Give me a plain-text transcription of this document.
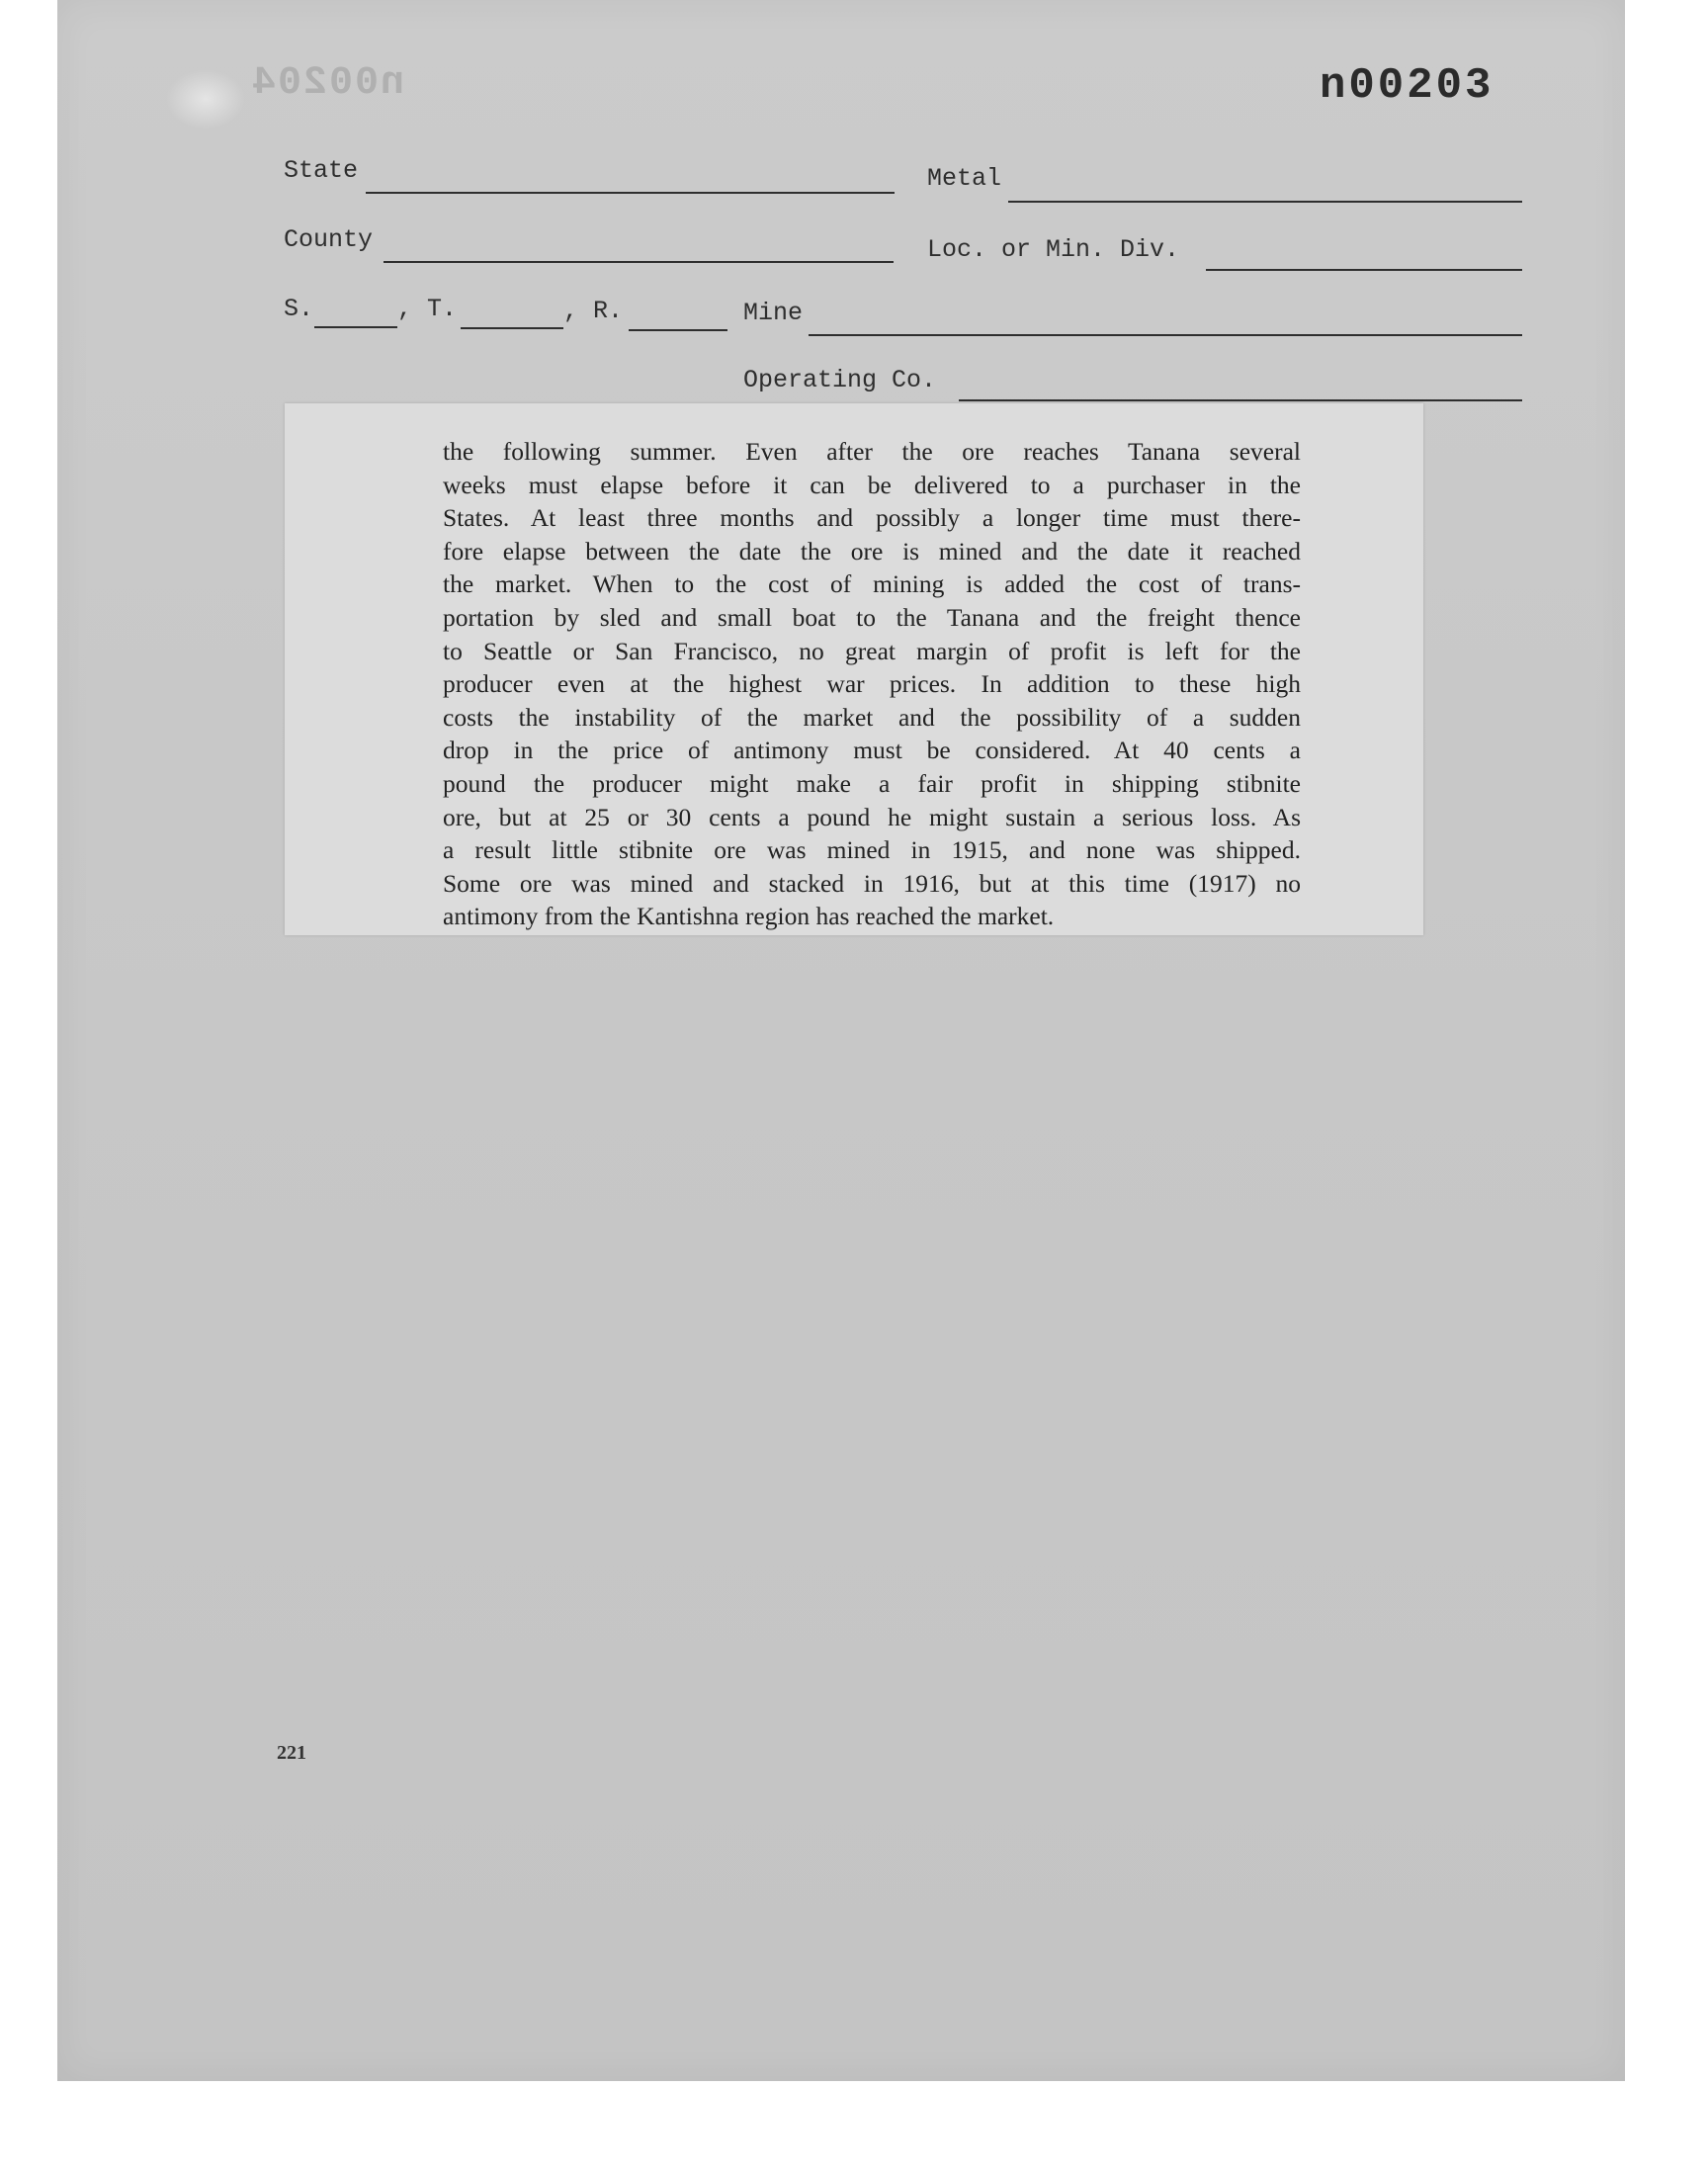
n00204	n00203
State	Metal
County	Loc. or Min. Div.
S.	, T.	, R.	Mine
Operating Co.
the following summer. Even after the ore reaches Tanana several
weeks must elapse before it can be delivered to a purchaser in the
States. At least three months and possibly a longer time must there-
fore elapse between the date the ore is mined and the date it reached
the market. When to the cost of mining is added the cost of trans-
portation by sled and small boat to the Tanana and the freight thence
to Seattle or San Francisco, no great margin of profit is left for the
producer even at the highest war prices. In addition to these high
costs the instability of the market and the possibility of a sudden
drop in the price of antimony must be considered. At 40 cents a
pound the producer might make a fair profit in shipping stibnite
ore, but at 25 or 30 cents a pound he might sustain a serious loss. As
a result little stibnite ore was mined in 1915, and none was shipped.
Some ore was mined and stacked in 1916, but at this time (1917) no
antimony from the Kantishna region has reached the market.
221
